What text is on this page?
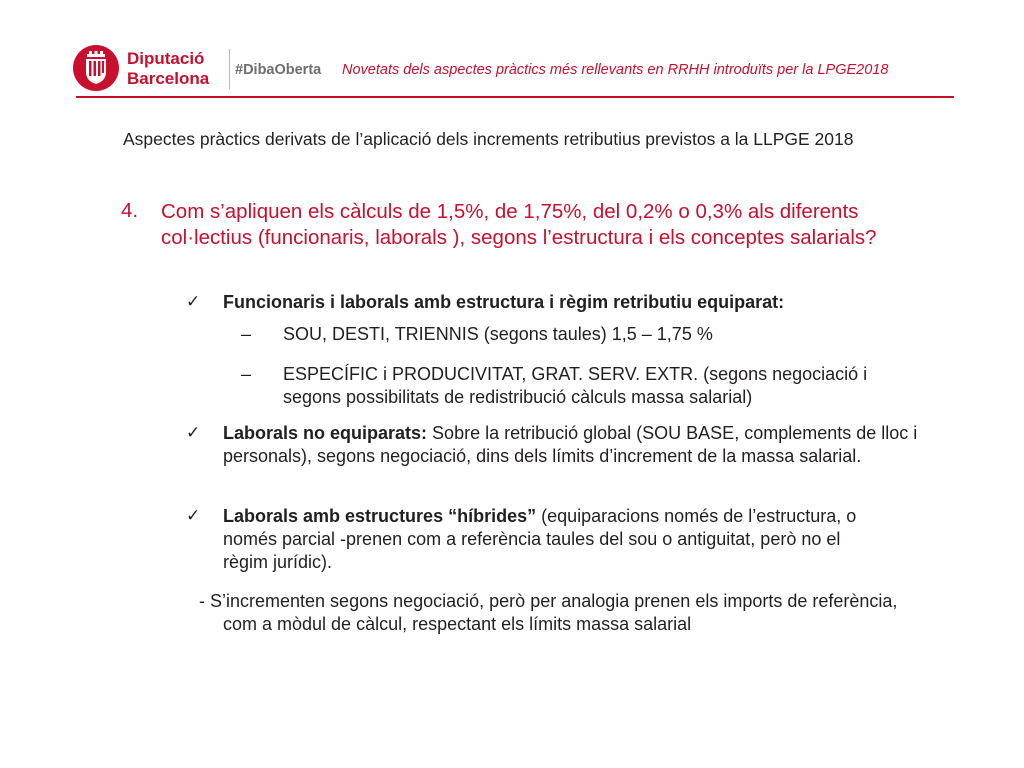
Diputació
Barcelona #DibaOberta Novetats dels aspectes pràctics més rellevants en RRHH introduïts per la LPGE2018
Aspectes pràctics derivats de l’aplicació dels increments retributius previstos a la LLPGE 2018
4. Com s’apliquen els càlculs de 1,5%, de 1,75%, del 0,2% o 0,3% als diferents col·lectius (funcionaris, laborals ), segons l’estructura i els conceptes salarials?
✓ Funcionaris i laborals amb estructura i règim retributiu equiparat:
– SOU, DESTI, TRIENNIS (segons taules) 1,5 – 1,75 %
– ESPECÍFIC i PRODUCIVITAT, GRAT. SERV. EXTR. (segons negociació i segons possibilitats de redistribució càlculs massa salarial)
✓ Laborals no equiparats: Sobre la retribució global (SOU BASE, complements de lloc i personals), segons negociació, dins dels límits d’increment de la massa salarial.
✓ Laborals amb estructures “híbrides” (equiparacions només de l’estructura, o només parcial -prenen com a referència taules del sou o antiguitat, però no el règim jurídic).
- S’incrementen segons negociació, però per analogia prenen els imports de referència, com a mòdul de càlcul, respectant els límits massa salarial
